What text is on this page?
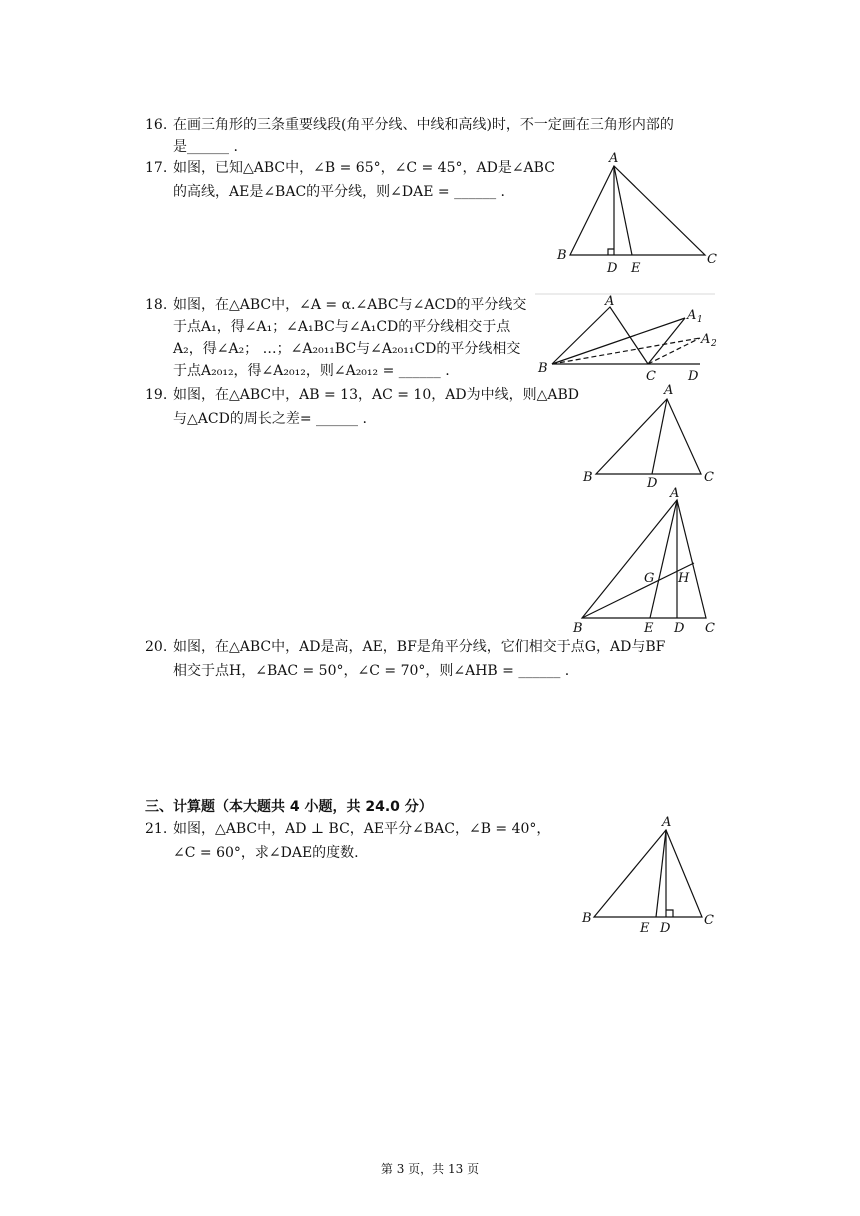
16. 在画三角形的三条重要线段(角平分线、中线和高线)时，不一定画在三角形内部的
是______ .
17. 如图，已知△ABC中，∠B = 65°，∠C = 45°，AD是∠ABC
的高线，AE是∠BAC的平分线，则∠DAE = ______ .
A
B	C
D E
18. 如图，在△ABC中，∠A = α.∠ABC与∠ACD的平分线交
于点A₁，得∠A₁；∠A₁BC与∠A₁CD的平分线相交于点
A₂，得∠A₂； …；∠A₂₀₁₁BC与∠A₂₀₁₁CD的平分线相交
于点A₂₀₁₂，得∠A₂₀₁₂，则∠A₂₀₁₂ = ______ .
A
A 1
A 2
B
C D
19. 如图，在△ABC中，AB = 13，AC = 10，AD为中线，则△ABD
与△ACD的周长之差= ______ .
A
B	C
D
A
B	C
D
E
G H
20. 如图，在△ABC中，AD是高，AE，BF是角平分线，它们相交于点G，AD与BF
相交于点H，∠BAC = 50°，∠C = 70°，则∠AHB = ______ .
三、计算题（本大题共 4 小题，共 24.0 分）
21. 如图，△ABC中，AD ⊥ BC，AE平分∠BAC，∠B = 40°，
∠C = 60°，求∠DAE的度数.
A
B	C
D
E
第 3 页，共 13 页
